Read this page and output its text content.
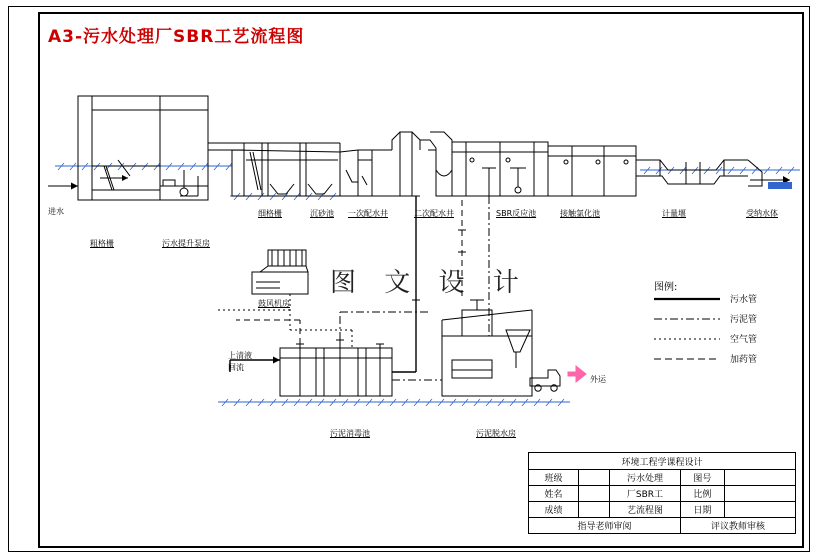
A3-污水处理厂SBR工艺流程图
图 文 设 计
进水
粗格栅	污水提升泵房
细格栅	沉砂池 一次配水井	二次配水井	SBR反应池	接触氯化池	计量堰	受纳水体
鼓风机房
上清液
回流
污泥消毒池	污泥脱水房
外运
图例:
污水管
污泥管
空气管
加药管
环境工程学课程设计				
班级		污水处理	图号	
姓名		厂SBR工	比例	
成绩		艺流程图	日期	
指导老师审阅			评议教师审核	
